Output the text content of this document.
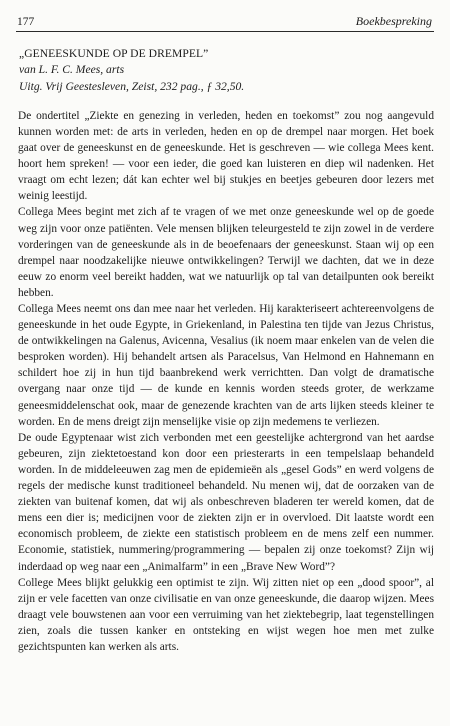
177	Boekbespreking
„GENEESKUNDE OP DE DREMPEL”
van L. F. C. Mees, arts
Uitg. Vrij Geestesleven, Zeist, 232 pag., ƒ 32,50.

De ondertitel „Ziekte en genezing in verleden, heden en toekomst” zou nog aangevuld kunnen worden met: de arts in verleden, heden en op de drempel naar morgen. Het boek gaat over de geneeskunst en de geneeskunde. Het is geschreven — wie collega Mees kent. hoort hem spreken! — voor een ieder, die goed kan luisteren en diep wil nadenken. Het vraagt om echt lezen; dát kan echter wel bij stukjes en beetjes gebeuren door lezers met weinig leestijd.

Collega Mees begint met zich af te vragen of we met onze geneeskunde wel op de goede weg zijn voor onze patiënten. Vele mensen blijken teleurgesteld te zijn zowel in de verdere vorderingen van de geneeskunde als in de beoefenaars der geneeskunst. Staan wij op een drempel naar noodzakelijke nieuwe ontwikkelingen? Terwijl we dachten, dat we in deze eeuw zo enorm veel bereikt hadden, wat we natuurlijk op tal van detailpunten ook bereikt hebben.

Collega Mees neemt ons dan mee naar het verleden. Hij karakteriseert achtereenvolgens de geneeskunde in het oude Egypte, in Griekenland, in Palestina ten tijde van Jezus Christus, de ontwikkelingen na Galenus, Avicenna, Vesalius (ik noem maar enkelen van de velen die besproken worden). Hij behandelt artsen als Paracelsus, Van Helmond en Hahnemann en schildert hoe zij in hun tijd baanbrekend werk verrichtten. Dan volgt de dramatische overgang naar onze tijd — de kunde en kennis worden steeds groter, de werkzame geneesmiddelenschat ook, maar de genezende krachten van de arts lijken steeds kleiner te worden. En de mens dreigt zijn menselijke visie op zijn medemens te verliezen.

De oude Egyptenaar wist zich verbonden met een geestelijke achtergrond van het aardse gebeuren, zijn ziektetoestand kon door een priesterarts in een tempelslaap behandeld worden. In de middeleeuwen zag men de epidemieën als „gesel Gods” en werd volgens de regels der medische kunst traditioneel behandeld. Nu menen wij, dat de oorzaken van de ziekten van buitenaf komen, dat wij als onbeschreven bladeren ter wereld komen, dat de mens een dier is; medicijnen voor de ziekten zijn er in overvloed. Dit laatste wordt een economisch probleem, de ziekte een statistisch probleem en de mens zelf een nummer. Economie, statistiek, nummering/programmering — bepalen zij onze toekomst? Zijn wij inderdaad op weg naar een „Animalfarm” in een „Brave New Word”?

College Mees blijkt gelukkig een optimist te zijn. Wij zitten niet op een „dood spoor”, al zijn er vele facetten van onze civilisatie en van onze geneeskunde, die daarop wijzen. Mees draagt vele bouwstenen aan voor een verruiming van het ziektebegrip, laat tegenstellingen zien, zoals die tussen kanker en ontsteking en wijst wegen hoe men met zulke gezichtspunten kan werken als arts.
